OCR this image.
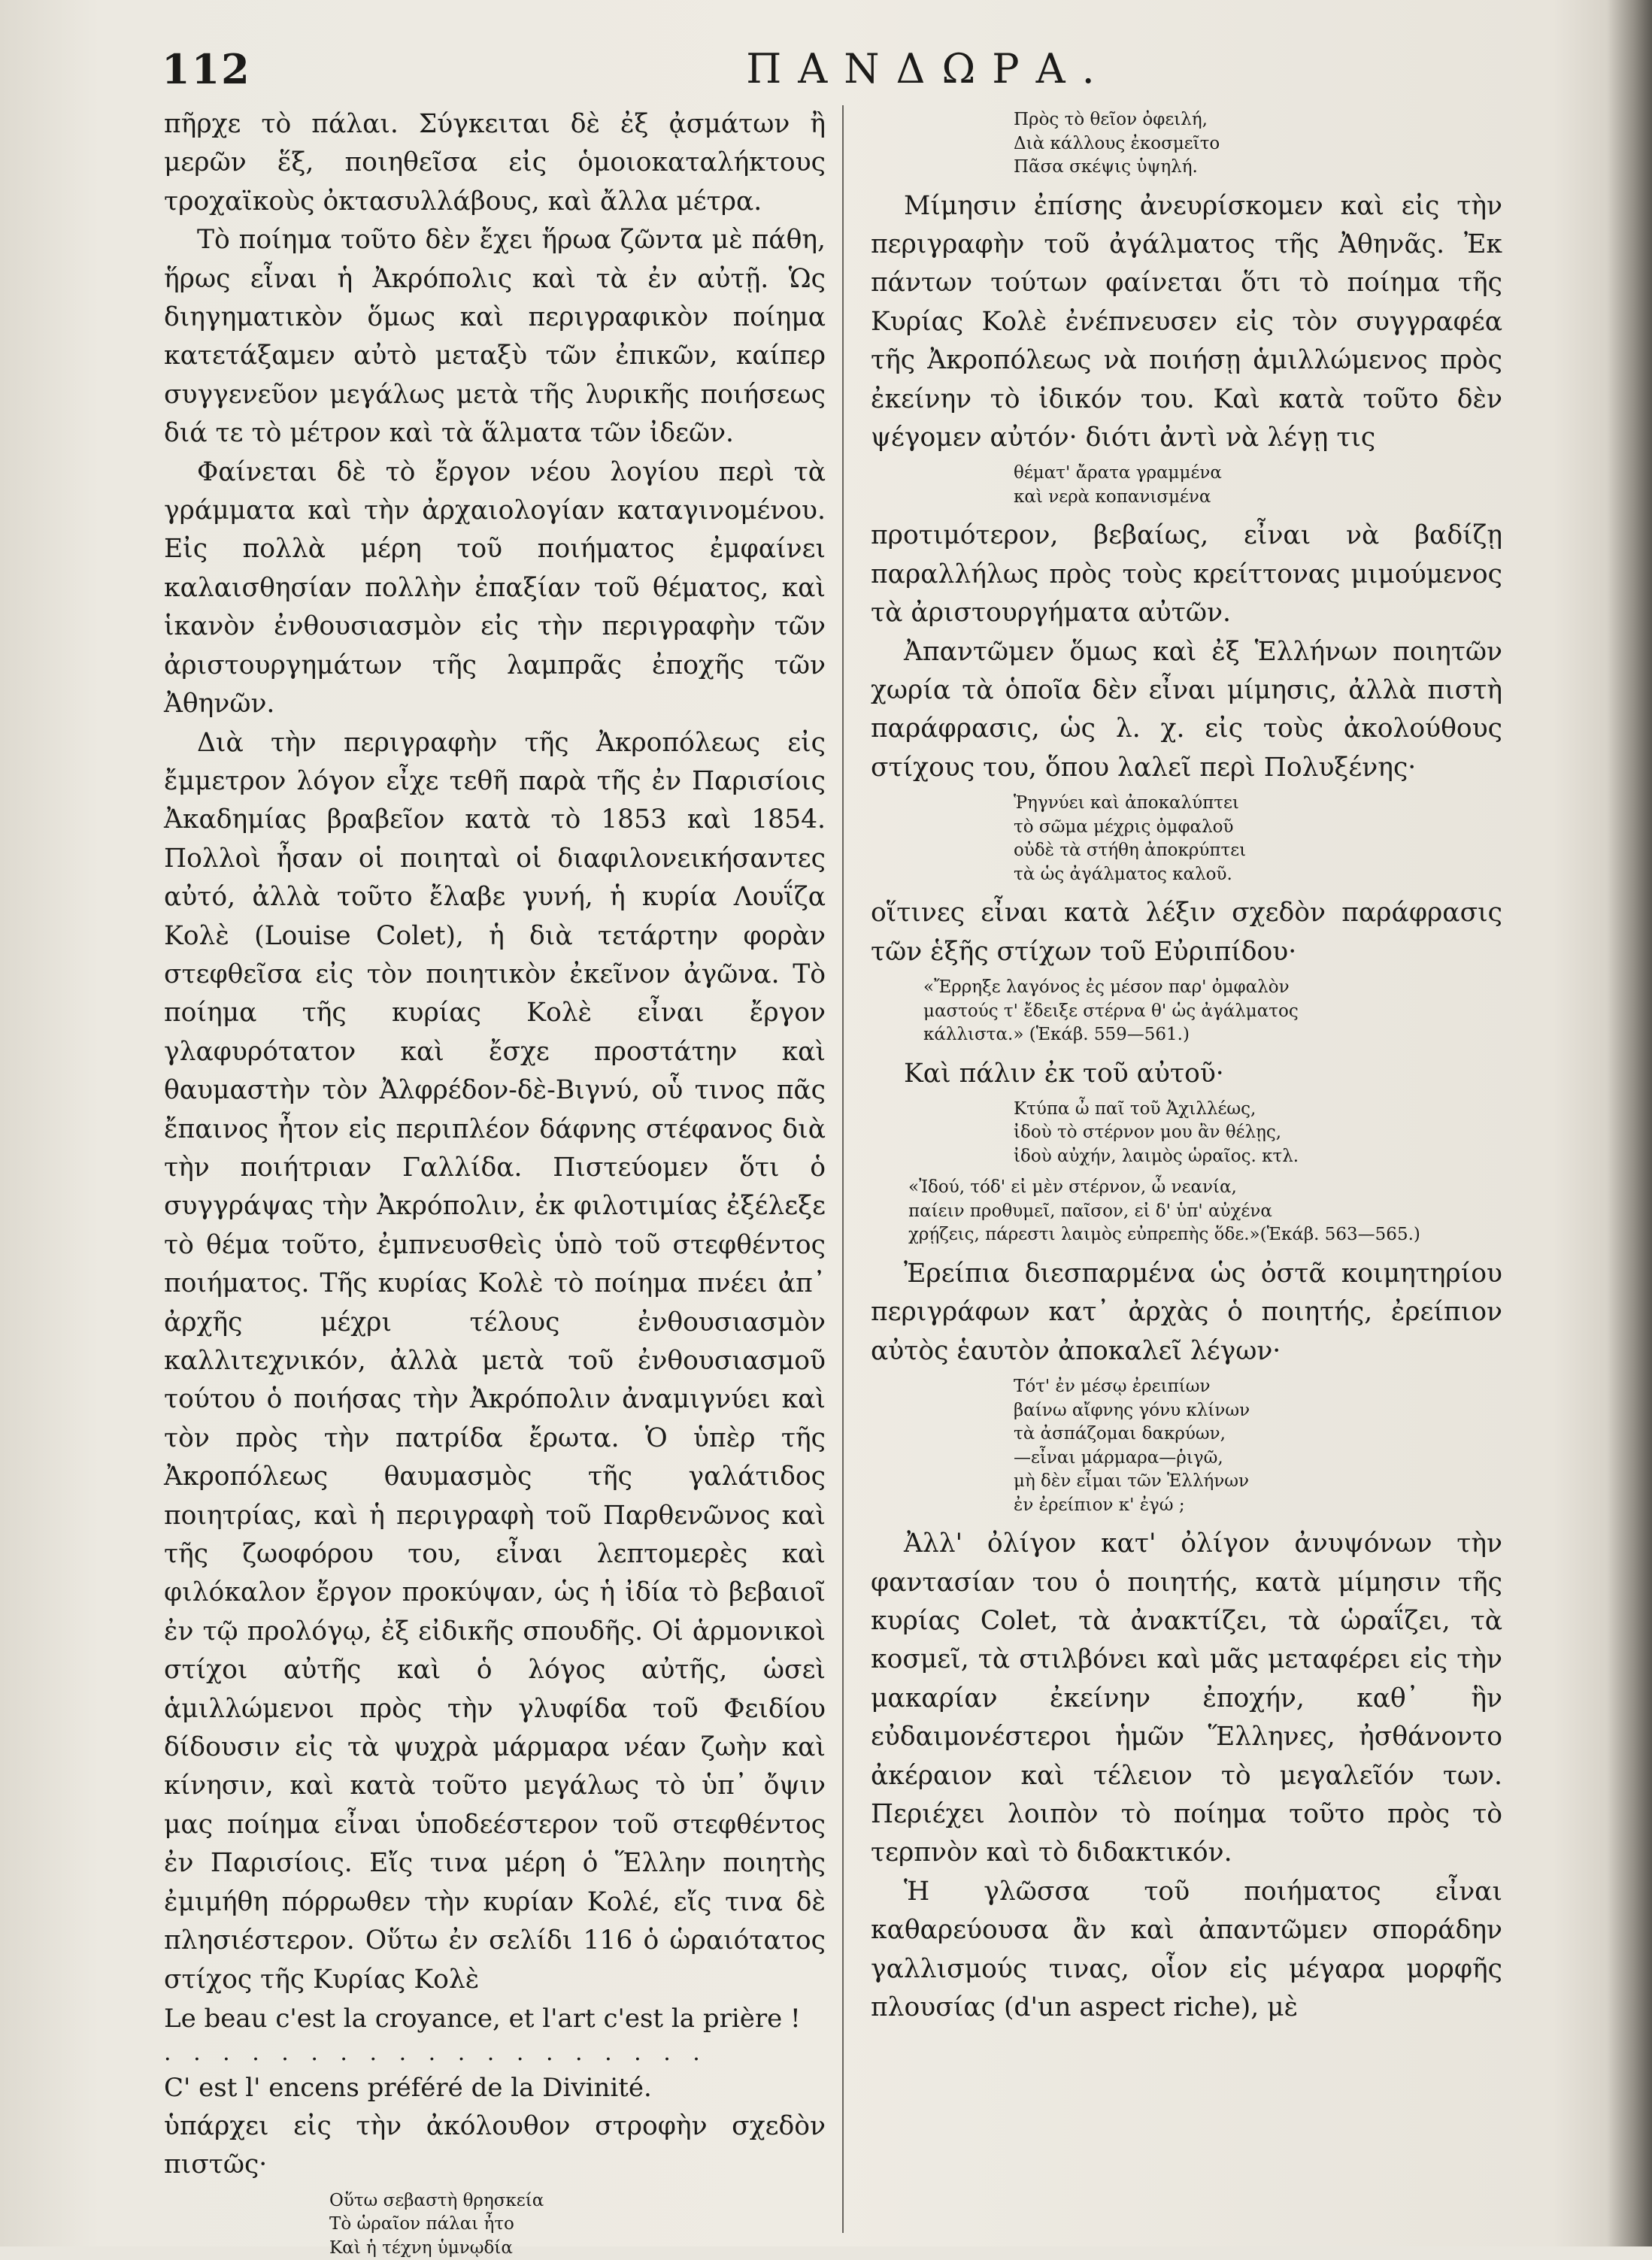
112	ΠΑΝΔΩΡΑ.

πῆρχε τὸ πάλαι. Σύγκειται δὲ ἐξ ᾀσμάτων ἢ μερῶν ἕξ, ποιηθεῖσα εἰς ὁμοιοκαταλήκτους τροχαϊκοὺς ὀκτασυλλάβους, καὶ ἄλλα μέτρα.

Τὸ ποίημα τοῦτο δὲν ἔχει ἥρωα ζῶντα μὲ πάθη, ἥρως εἶναι ἡ Ἀκρόπολις καὶ τὰ ἐν αὐτῇ. Ὡς διηγηματικὸν ὅμως καὶ περιγραφικὸν ποίημα κατετάξαμεν αὐτὸ μεταξὺ τῶν ἐπικῶν, καίπερ συγγενεῦον μεγάλως μετὰ τῆς λυρικῆς ποιήσεως διά τε τὸ μέτρον καὶ τὰ ἅλματα τῶν ἰδεῶν.

Φαίνεται δὲ τὸ ἔργον νέου λογίου περὶ τὰ γράμματα καὶ τὴν ἀρχαιολογίαν καταγινομένου. Εἰς πολλὰ μέρη τοῦ ποιήματος ἐμφαίνει καλαισθησίαν πολλὴν ἐπαξίαν τοῦ θέματος, καὶ ἱκανὸν ἐνθουσιασμὸν εἰς τὴν περιγραφὴν τῶν ἀριστουργημάτων τῆς λαμπρᾶς ἐποχῆς τῶν Ἀθηνῶν.

Διὰ τὴν περιγραφὴν τῆς Ἀκροπόλεως εἰς ἔμμετρον λόγον εἶχε τεθῆ παρὰ τῆς ἐν Παρισίοις Ἀκαδημίας βραβεῖον κατὰ τὸ 1853 καὶ 1854. Πολλοὶ ἦσαν οἱ ποιηταὶ οἱ διαφιλονεικήσαντες αὐτό, ἀλλὰ τοῦτο ἔλαβε γυνή, ἡ κυρία Λουΐζα Κολὲ (Louise Colet), ἡ διὰ τετάρτην φορὰν στεφθεῖσα εἰς τὸν ποιητικὸν ἐκεῖνον ἀγῶνα. Τὸ ποίημα τῆς κυρίας Κολὲ εἶναι ἔργον γλαφυρότατον καὶ ἔσχε προστάτην καὶ θαυμαστὴν τὸν Ἀλφρέδον-δὲ-Βιγνύ, οὗ τινος πᾶς ἔπαινος ἦτον εἰς περιπλέον δάφνης στέφανος διὰ τὴν ποιήτριαν Γαλλίδα. Πιστεύομεν ὅτι ὁ συγγράψας τὴν Ἀκρόπολιν, ἐκ φιλοτιμίας ἐξέλεξε τὸ θέμα τοῦτο, ἐμπνευσθεὶς ὑπὸ τοῦ στεφθέντος ποιήματος. Τῆς κυρίας Κολὲ τὸ ποίημα πνέει ἀπ᾽ ἀρχῆς μέχρι τέλους ἐνθουσιασμὸν καλλιτεχνικόν, ἀλλὰ μετὰ τοῦ ἐνθουσιασμοῦ τούτου ὁ ποιήσας τὴν Ἀκρόπολιν ἀναμιγνύει καὶ τὸν πρὸς τὴν πατρίδα ἔρωτα. Ὁ ὑπὲρ τῆς Ἀκροπόλεως θαυμασμὸς τῆς γαλάτιδος ποιητρίας, καὶ ἡ περιγραφὴ τοῦ Παρθενῶνος καὶ τῆς ζωοφόρου του, εἶναι λεπτομερὲς καὶ φιλόκαλον ἔργον προκύψαν, ὡς ἡ ἰδία τὸ βεβαιοῖ ἐν τῷ προλόγῳ, ἐξ εἰδικῆς σπουδῆς. Οἱ ἁρμονικοὶ στίχοι αὐτῆς καὶ ὁ λόγος αὐτῆς, ὡσεὶ ἁμιλλώμενοι πρὸς τὴν γλυφίδα τοῦ Φειδίου δίδουσιν εἰς τὰ ψυχρὰ μάρμαρα νέαν ζωὴν καὶ κίνησιν, καὶ κατὰ τοῦτο μεγάλως τὸ ὑπ᾽ ὄψιν μας ποίημα εἶναι ὑποδεέστερον τοῦ στεφθέντος ἐν Παρισίοις. Εἴς τινα μέρη ὁ Ἕλλην ποιητὴς ἐμιμήθη πόρρωθεν τὴν κυρίαν Κολέ, εἴς τινα δὲ πλησιέστερον. Οὕτω ἐν σελίδι 116 ὁ ὡραιότατος στίχος τῆς Κυρίας Κολὲ

Le beau c'est la croyance, et l'art c'est la prière !
. . . . . . . . . . . . . . . . . . .
C' est l' encens préféré de la Divinité.

ὑπάρχει εἰς τὴν ἀκόλουθον στροφὴν σχεδὸν πιστῶς·

Οὕτω σεβαστὴ θρησκεία
Τὸ ὡραῖον πάλαι ἦτο
Καὶ ἡ τέχνη ὑμνῳδία
Πρὸς τὸ θεῖον ὀφειλή,
Διὰ κάλλους ἐκοσμεῖτο
Πᾶσα σκέψις ὑψηλή.

Μίμησιν ἐπίσης ἀνευρίσκομεν καὶ εἰς τὴν περιγραφὴν τοῦ ἀγάλματος τῆς Ἀθηνᾶς. Ἐκ πάντων τούτων φαίνεται ὅτι τὸ ποίημα τῆς Κυρίας Κολὲ ἐνέπνευσεν εἰς τὸν συγγραφέα τῆς Ἀκροπόλεως νὰ ποιήσῃ ἁμιλλώμενος πρὸς ἐκείνην τὸ ἰδικόν του. Καὶ κατὰ τοῦτο δὲν ψέγομεν αὐτόν· διότι ἀντὶ νὰ λέγῃ τις

θέματ' ἄρατα γραμμένα
καὶ νερὰ κοπανισμένα

προτιμότερον, βεβαίως, εἶναι νὰ βαδίζῃ παραλλήλως πρὸς τοὺς κρείττονας μιμούμενος τὰ ἀριστουργήματα αὐτῶν.

Ἀπαντῶμεν ὅμως καὶ ἐξ Ἑλλήνων ποιητῶν χωρία τὰ ὁποῖα δὲν εἶναι μίμησις, ἀλλὰ πιστὴ παράφρασις, ὡς λ. χ. εἰς τοὺς ἀκολούθους στίχους του, ὅπου λαλεῖ περὶ Πολυξένης·

Ῥηγνύει καὶ ἀποκαλύπτει
τὸ σῶμα μέχρις ὀμφαλοῦ
οὐδὲ τὰ στήθη ἀποκρύπτει
τὰ ὡς ἀγάλματος καλοῦ.

οἵτινες εἶναι κατὰ λέξιν σχεδὸν παράφρασις τῶν ἑξῆς στίχων τοῦ Εὐριπίδου·

«Ἔρρηξε λαγόνος ἐς μέσον παρ' ὀμφαλὸν
μαστούς τ' ἔδειξε στέρνα θ' ὡς ἀγάλματος
κάλλιστα.» (Ἑκάβ. 559—561.)

Καὶ πάλιν ἐκ τοῦ αὐτοῦ·

Κτύπα ὦ παῖ τοῦ Ἀχιλλέως,
ἰδοὺ τὸ στέρνον μου ἂν θέλῃς,
ἰδοὺ αὐχήν, λαιμὸς ὡραῖος. κτλ.
«Ἰδού, τόδ' εἰ μὲν στέρνον, ὦ νεανία,
παίειν προθυμεῖ, παῖσον, εἰ δ' ὑπ' αὐχένα
χρῄζεις, πάρεστι λαιμὸς εὐπρεπὴς ὅδε.»(Ἑκάβ. 563—565.)

Ἐρείπια διεσπαρμένα ὡς ὀστᾶ κοιμητηρίου περιγράφων κατ᾽ ἀρχὰς ὁ ποιητής, ἐρείπιον αὐτὸς ἑαυτὸν ἀποκαλεῖ λέγων·

Τότ' ἐν μέσῳ ἐρειπίων
βαίνω αἴφνης γόνυ κλίνων
τὰ ἀσπάζομαι δακρύων,
—εἶναι μάρμαρα—ῥιγῶ,
μὴ δὲν εἶμαι τῶν Ἑλλήνων
ἐν ἐρείπιον κ' ἐγώ ;

Ἀλλ' ὀλίγον κατ' ὀλίγον ἀνυψόνων τὴν φαντασίαν του ὁ ποιητής, κατὰ μίμησιν τῆς κυρίας Colet, τὰ ἀνακτίζει, τὰ ὡραΐζει, τὰ κοσμεῖ, τὰ στιλβόνει καὶ μᾶς μεταφέρει εἰς τὴν μακαρίαν ἐκείνην ἐποχήν, καθ᾽ ἣν εὐδαιμονέστεροι ἡμῶν Ἕλληνες, ἠσθάνοντο ἀκέραιον καὶ τέλειον τὸ μεγαλεῖόν των. Περιέχει λοιπὸν τὸ ποίημα τοῦτο πρὸς τὸ τερπνὸν καὶ τὸ διδακτικόν.

Ἡ γλῶσσα τοῦ ποιήματος εἶναι καθαρεύουσα ἂν καὶ ἀπαντῶμεν σποράδην γαλλισμούς τινας, οἷον εἰς μέγαρα μορφῆς πλουσίας (d'un aspect riche), μὲ
